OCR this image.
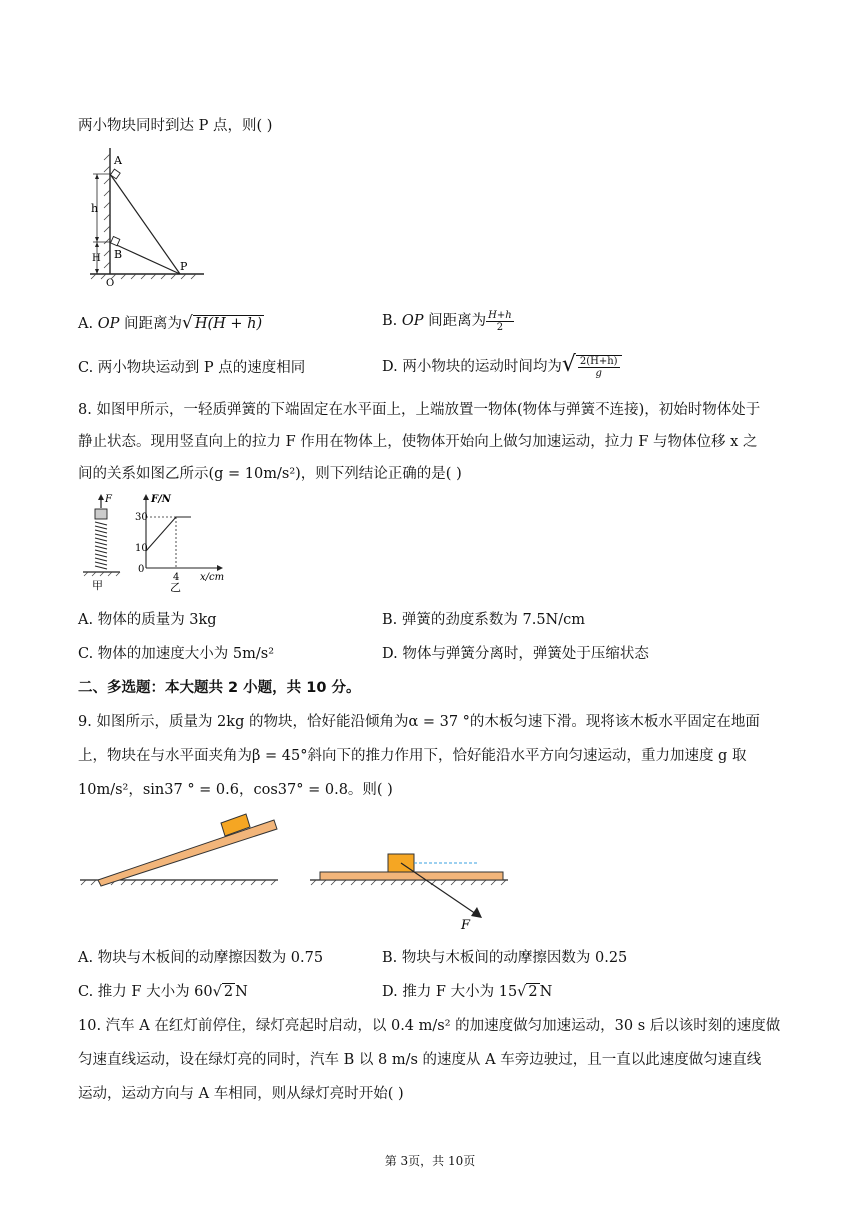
两小物块同时到达 P 点，则( )
A
h
B
H
O
P
A. OP 间距离为√ H(H + h)	B. OP 间距离为 $\frac{H+h}{2}$
C. 两小物块运动到 P 点的速度相同	D. 两小物块的运动时间均为√ $\frac{2(H+h)}{g}$
8. 如图甲所示，一轻质弹簧的下端固定在水平面上，上端放置一物体(物体与弹簧不连接)，初始时物体处于
静止状态。现用竖直向上的拉力 F 作用在物体上，使物体开始向上做匀加速运动，拉力 F 与物体位移 x 之
间的关系如图乙所示(g = 10m/s²)，则下列结论正确的是( )
F
甲
F/N
30
10
0
4 x/cm
乙
A. 物体的质量为 3kg	B. 弹簧的劲度系数为 7.5N/cm
C. 物体的加速度大小为 5m/s²	D. 物体与弹簧分离时，弹簧处于压缩状态
二、多选题：本大题共 2 小题，共 10 分。
9. 如图所示，质量为 2kg 的物块，恰好能沿倾角为α = 37 °的木板匀速下滑。现将该木板水平固定在地面
上，物块在与水平面夹角为β = 45°斜向下的推力作用下，恰好能沿水平方向匀速运动，重力加速度 g 取
10m/s²，sin37 ° = 0.6，cos37° = 0.8。则( )
F
A. 物块与木板间的动摩擦因数为 0.75	B. 物块与木板间的动摩擦因数为 0.25
C. 推力 F 大小为 60√ 2 N	D. 推力 F 大小为 15√ 2 N
10. 汽车 A 在红灯前停住，绿灯亮起时启动，以 0.4 m/s² 的加速度做匀加速运动，30 s 后以该时刻的速度做
匀速直线运动，设在绿灯亮的同时，汽车 B 以 8 m/s 的速度从 A 车旁边驶过，且一直以此速度做匀速直线
运动，运动方向与 A 车相同，则从绿灯亮时开始( )
第 3页，共 10页
